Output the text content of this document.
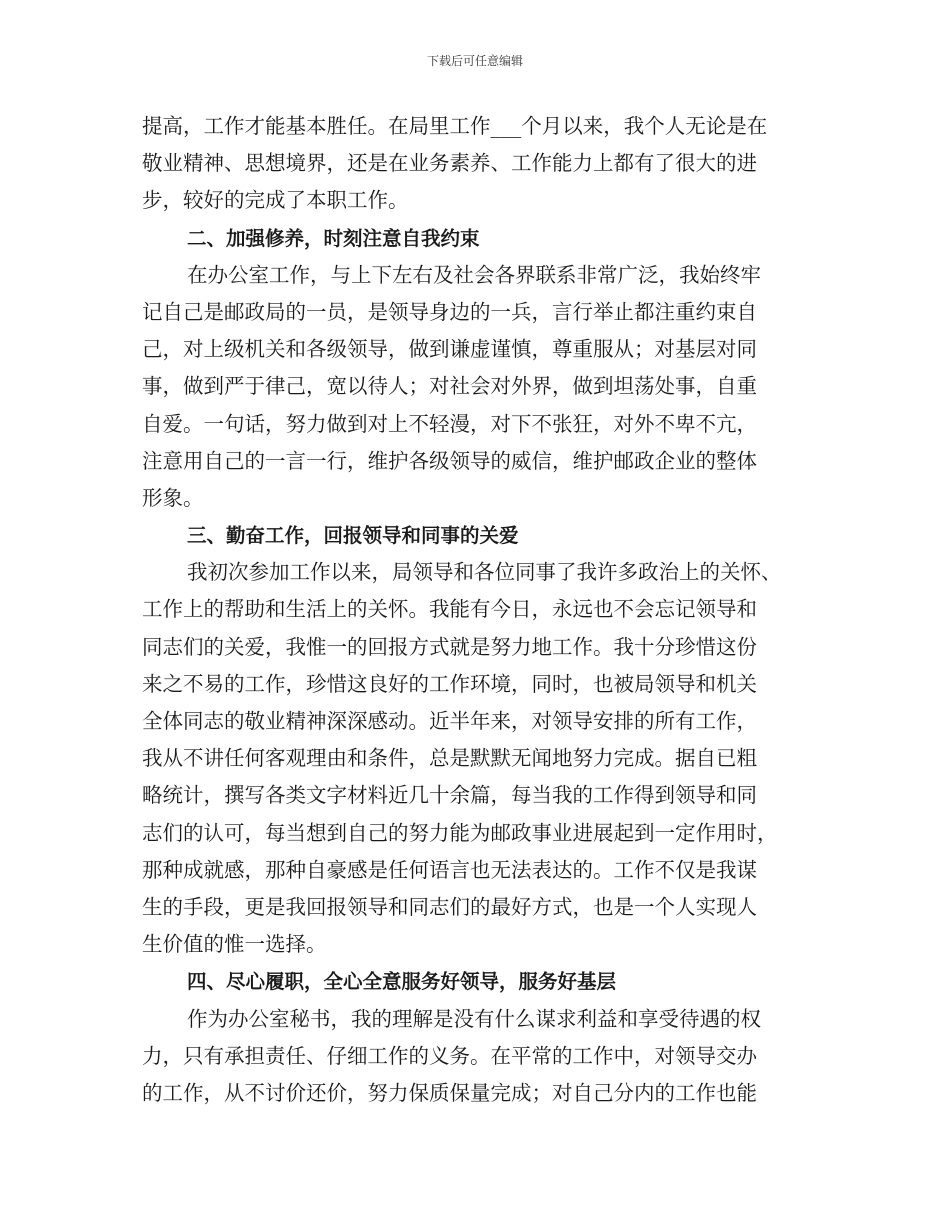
下载后可任意编辑
提高，工作才能基本胜任。在局里工作___个月以来，我个人无论是在
敬业精神、思想境界，还是在业务素养、工作能力上都有了很大的进
步，较好的完成了本职工作。
二、加强修养，时刻注意自我约束
在办公室工作，与上下左右及社会各界联系非常广泛，我始终牢
记自己是邮政局的一员，是领导身边的一兵，言行举止都注重约束自
己，对上级机关和各级领导，做到谦虚谨慎，尊重服从；对基层对同
事，做到严于律己，宽以待人；对社会对外界，做到坦荡处事，自重
自爱。一句话，努力做到对上不轻漫，对下不张狂，对外不卑不亢，
注意用自己的一言一行，维护各级领导的威信，维护邮政企业的整体
形象。
三、勤奋工作，回报领导和同事的关爱
我初次参加工作以来，局领导和各位同事了我许多政治上的关怀、
工作上的帮助和生活上的关怀。我能有今日，永远也不会忘记领导和
同志们的关爱，我惟一的回报方式就是努力地工作。我十分珍惜这份
来之不易的工作，珍惜这良好的工作环境，同时，也被局领导和机关
全体同志的敬业精神深深感动。近半年来，对领导安排的所有工作，
我从不讲任何客观理由和条件，总是默默无闻地努力完成。据自已粗
略统计，撰写各类文字材料近几十余篇，每当我的工作得到领导和同
志们的认可，每当想到自己的努力能为邮政事业进展起到一定作用时，
那种成就感，那种自豪感是任何语言也无法表达的。工作不仅是我谋
生的手段，更是我回报领导和同志们的最好方式，也是一个人实现人
生价值的惟一选择。
四、尽心履职，全心全意服务好领导，服务好基层
作为办公室秘书，我的理解是没有什么谋求利益和享受待遇的权
力，只有承担责任、仔细工作的义务。在平常的工作中，对领导交办
的工作，从不讨价还价，努力保质保量完成；对自己分内的工作也能
